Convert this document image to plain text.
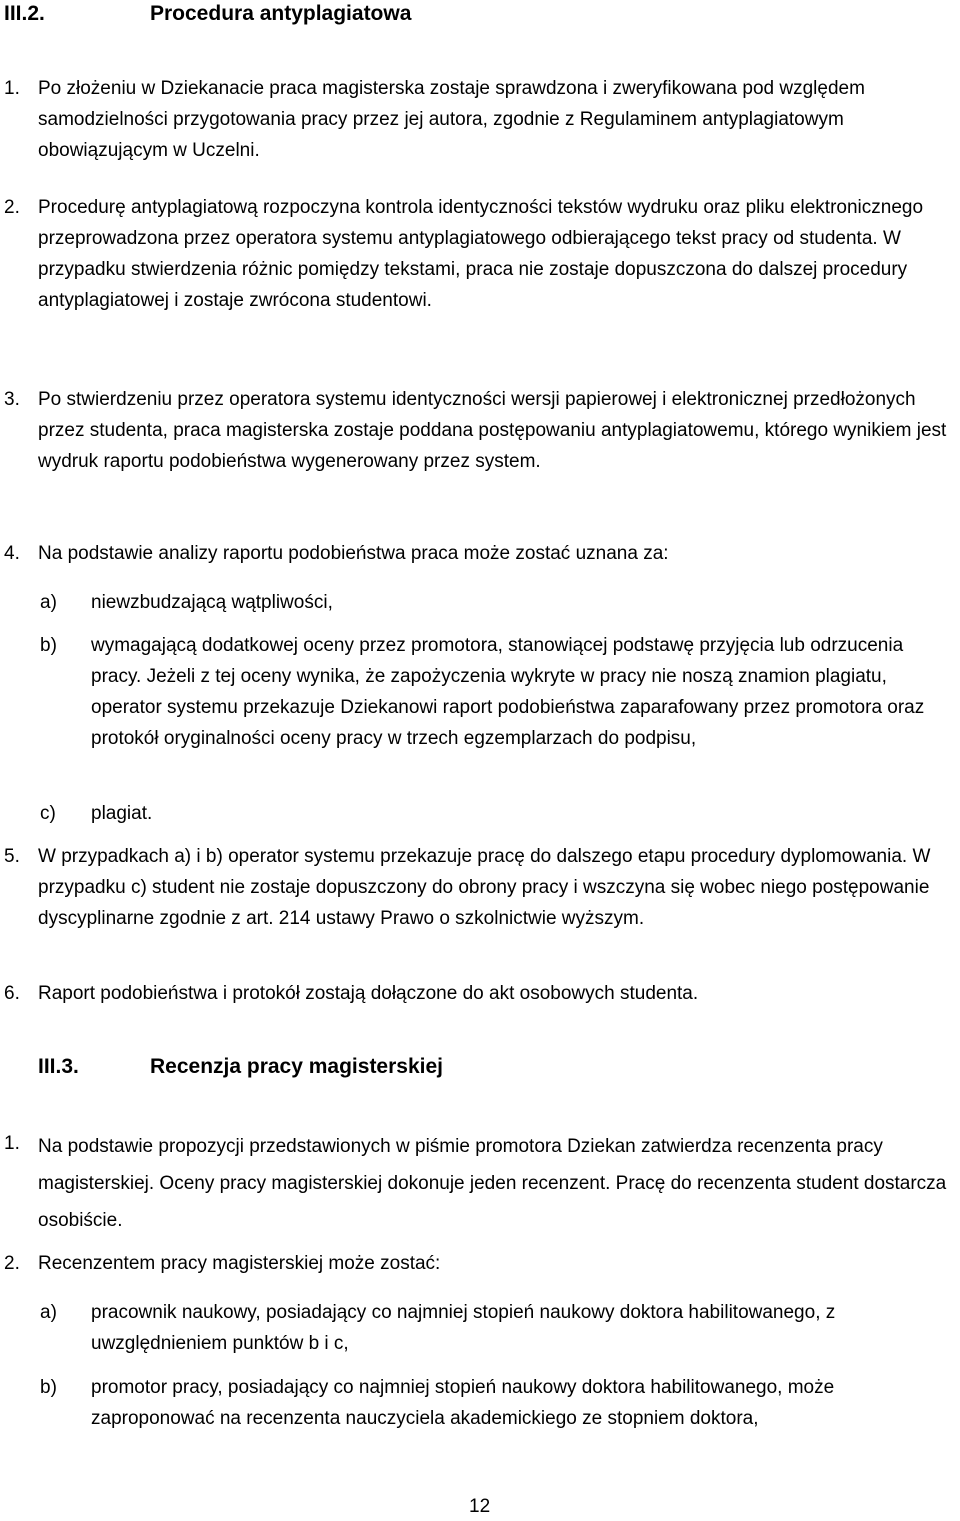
III.2.	Procedura antyplagiatowa
1. Po złożeniu w Dziekanacie praca magisterska zostaje sprawdzona i zweryfikowana pod względem samodzielności przygotowania pracy przez jej autora, zgodnie z Regulaminem antyplagiatowym obowiązującym w Uczelni.
2. Procedurę antyplagiatową rozpoczyna kontrola identyczności tekstów wydruku oraz pliku elektronicznego przeprowadzona przez operatora systemu antyplagiatowego odbierającego tekst pracy od studenta. W przypadku stwierdzenia różnic pomiędzy tekstami, praca nie zostaje dopuszczona do dalszej procedury antyplagiatowej i zostaje zwrócona studentowi.
3. Po stwierdzeniu przez operatora systemu identyczności wersji papierowej i elektronicznej przedłożonych przez studenta, praca magisterska zostaje poddana postępowaniu antyplagiatowemu, którego wynikiem jest wydruk raportu podobieństwa wygenerowany przez system.
4. Na podstawie analizy raportu podobieństwa praca może zostać uznana za:
a) niewzbudzającą wątpliwości,
b) wymagającą dodatkowej oceny przez promotora, stanowiącej podstawę przyjęcia lub odrzucenia pracy. Jeżeli z tej oceny wynika, że zapożyczenia wykryte w pracy nie noszą znamion plagiatu, operator systemu przekazuje Dziekanowi raport podobieństwa zaparafowany przez promotora oraz protokół oryginalności oceny pracy w trzech egzemplarzach do podpisu,
c) plagiat.
5. W przypadkach a) i b) operator systemu przekazuje pracę do dalszego etapu procedury dyplomowania. W przypadku c) student nie zostaje dopuszczony do obrony pracy i wszczyna się wobec niego postępowanie dyscyplinarne zgodnie z art. 214 ustawy Prawo o szkolnictwie wyższym.
6. Raport podobieństwa i protokół zostają dołączone do akt osobowych studenta.
III.3.	Recenzja pracy magisterskiej
1. Na podstawie propozycji przedstawionych w piśmie promotora Dziekan zatwierdza recenzenta pracy magisterskiej. Oceny pracy magisterskiej dokonuje jeden recenzent. Pracę do recenzenta student dostarcza osobiście.
2. Recenzentem pracy magisterskiej może zostać:
a) pracownik naukowy, posiadający co najmniej stopień naukowy doktora habilitowanego, z uwzględnieniem punktów b i c,
b) promotor pracy, posiadający co najmniej stopień naukowy doktora habilitowanego, może zaproponować na recenzenta nauczyciela akademickiego ze stopniem doktora,
12
